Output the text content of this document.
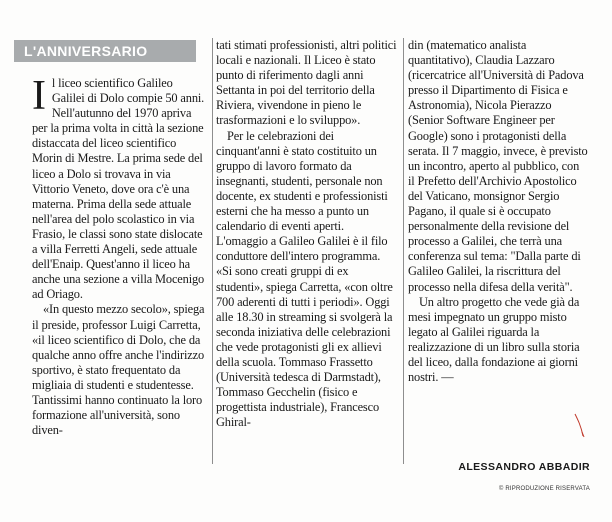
L'ANNIVERSARIO

Il liceo scientifico Galileo Galilei di Dolo compie 50 anni. Nell'autunno del 1970 apriva per la prima volta in città la sezione distaccata del liceo scientifico Morin di Mestre. La prima sede del liceo a Dolo si trovava in via Vittorio Veneto, dove ora c'è una materna. Prima della sede attuale nell'area del polo scolastico in via Frasio, le classi sono state dislocate a villa Ferretti Angeli, sede attuale dell'Enaip. Quest'anno il liceo ha anche una sezione a villa Mocenigo ad Oriago.

«In questo mezzo secolo», spiega il preside, professor Luigi Carretta, «il liceo scientifico di Dolo, che da qualche anno offre anche l'indirizzo sportivo, è stato frequentato da migliaia di studenti e studentesse. Tantissimi hanno continuato la loro formazione all'università, sono diven-

tati stimati professionisti, altri politici locali e nazionali. Il Liceo è stato punto di riferimento dagli anni Settanta in poi del territorio della Riviera, vivendone in pieno le trasformazioni e lo sviluppo».

Per le celebrazioni dei cinquant'anni è stato costituito un gruppo di lavoro formato da insegnanti, studenti, personale non docente, ex studenti e professionisti esterni che ha messo a punto un calendario di eventi aperti. L'omaggio a Galileo Galilei è il filo conduttore dell'intero programma. «Si sono creati gruppi di ex studenti», spiega Carretta, «con oltre 700 aderenti di tutti i periodi». Oggi alle 18.30 in streaming si svolgerà la seconda iniziativa delle celebrazioni che vede protagonisti gli ex allievi della scuola. Tommaso Frassetto (Università tedesca di Darmstadt), Tommaso Gecchelin (fisico e progettista industriale), Francesco Ghiral-

din (matematico analista quantitativo), Claudia Lazzaro (ricercatrice all'Università di Padova presso il Dipartimento di Fisica e Astronomia), Nicola Pierazzo (Senior Software Engineer per Google) sono i protagonisti della serata. Il 7 maggio, invece, è previsto un incontro, aperto al pubblico, con il Prefetto dell'Archivio Apostolico del Vaticano, monsignor Sergio Pagano, il quale si è occupato personalmente della revisione del processo a Galilei, che terrà una conferenza sul tema: "Dalla parte di Galileo Galilei, la riscrittura del processo nella difesa della verità".

Un altro progetto che vede già da mesi impegnato un gruppo misto legato al Galilei riguarda la realizzazione di un libro sulla storia del liceo, dalla fondazione ai giorni nostri. —

ALESSANDRO ABBADIR
© RIPRODUZIONE RISERVATA
